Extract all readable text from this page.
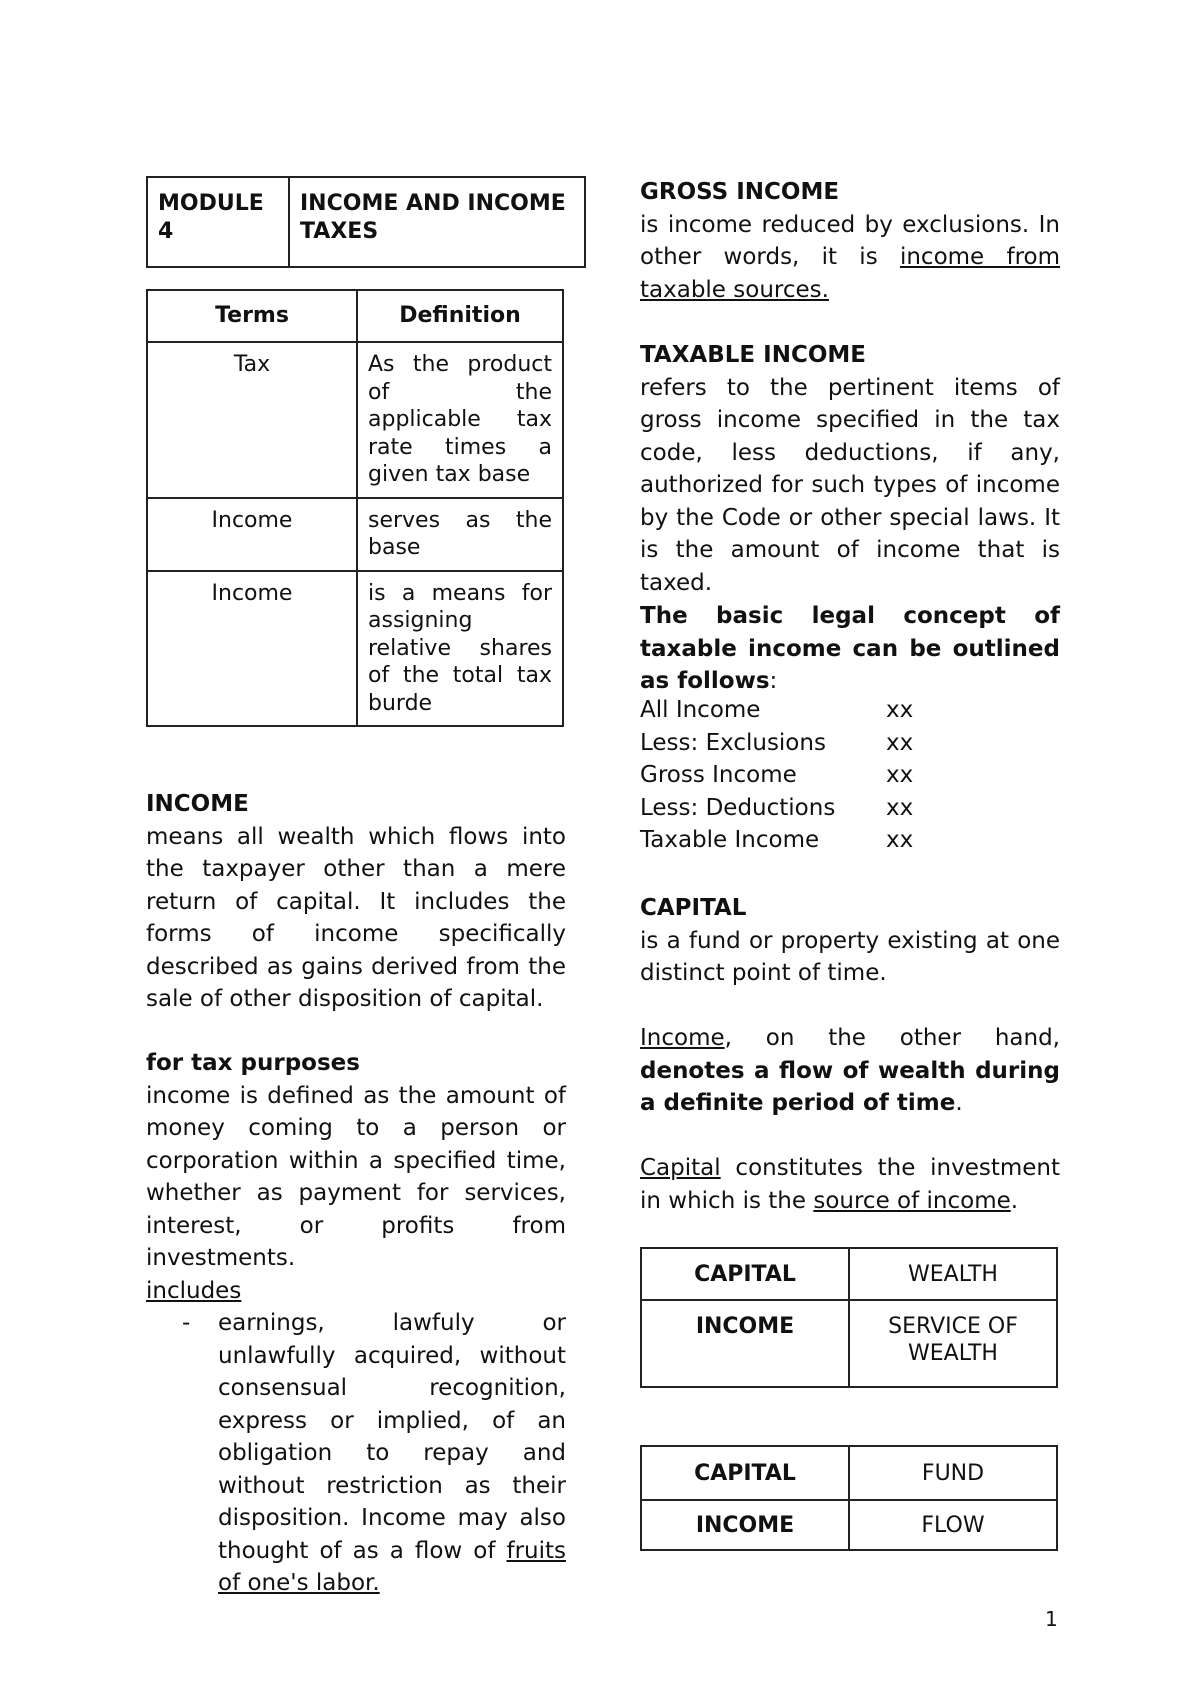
MODULE 4	INCOME AND INCOME TAXES
Terms	Definition
Tax	As the product of the applicable tax rate times a given tax base
Income	serves as the base
Income	is a means for assigning relative shares of the total tax burde
INCOME
means all wealth which flows into the taxpayer other than a mere return of capital. It includes the forms of income specifically described as gains derived from the sale of other disposition of capital.
for tax purposes
income is defined as the amount of money coming to a person or corporation within a specified time, whether as payment for services, interest, or profits from investments.
includes
- earnings, lawfuly or unlawfully acquired, without consensual recognition, express or implied, of an obligation to repay and without restriction as their disposition. Income may also thought of as a flow of fruits of one's labor.
GROSS INCOME
is income reduced by exclusions. In other words, it is income from taxable sources.
TAXABLE INCOME
refers to the pertinent items of gross income specified in the tax code, less deductions, if any, authorized for such types of income by the Code or other special laws. It is the amount of income that is taxed.
The basic legal concept of taxable income can be outlined as follows:
All Income	xx
Less: Exclusions	xx
Gross Income	xx
Less: Deductions	xx
Taxable Income	xx
CAPITAL
is a fund or property existing at one distinct point of time.
Income, on the other hand, denotes a flow of wealth during a definite period of time.
Capital constitutes the investment in which is the source of income.
CAPITAL	WEALTH
INCOME	SERVICE OF WEALTH
CAPITAL	FUND
INCOME	FLOW
1
